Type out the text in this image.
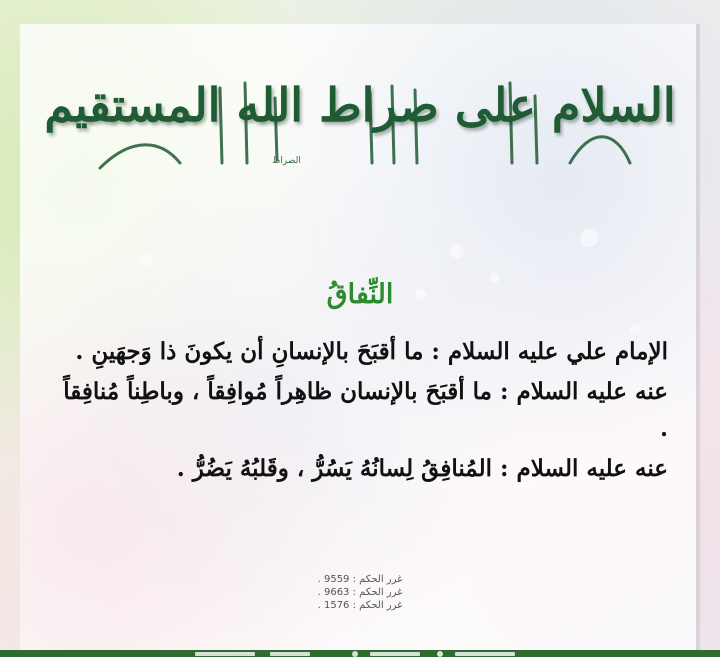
السلام على صراط الله المستقيم
الصراط
النِّفاقُ

الإمام علي عليه السلام : ما أقبَحَ بالإنسانِ أن يكونَ ذا وَجهَينِ .

عنه عليه السلام : ما أقبَحَ بالإنسان ظاهِراً مُوافِقاً ، وباطِناً مُنافِقاً .

عنه عليه السلام : المُنافِقُ لِسانُهُ يَسُرُّ ، وقَلبُهُ يَضُرُّ .

غرر الحكم : 9559 .
غرر الحكم : 9663 .
غرر الحكم : 1576 .
